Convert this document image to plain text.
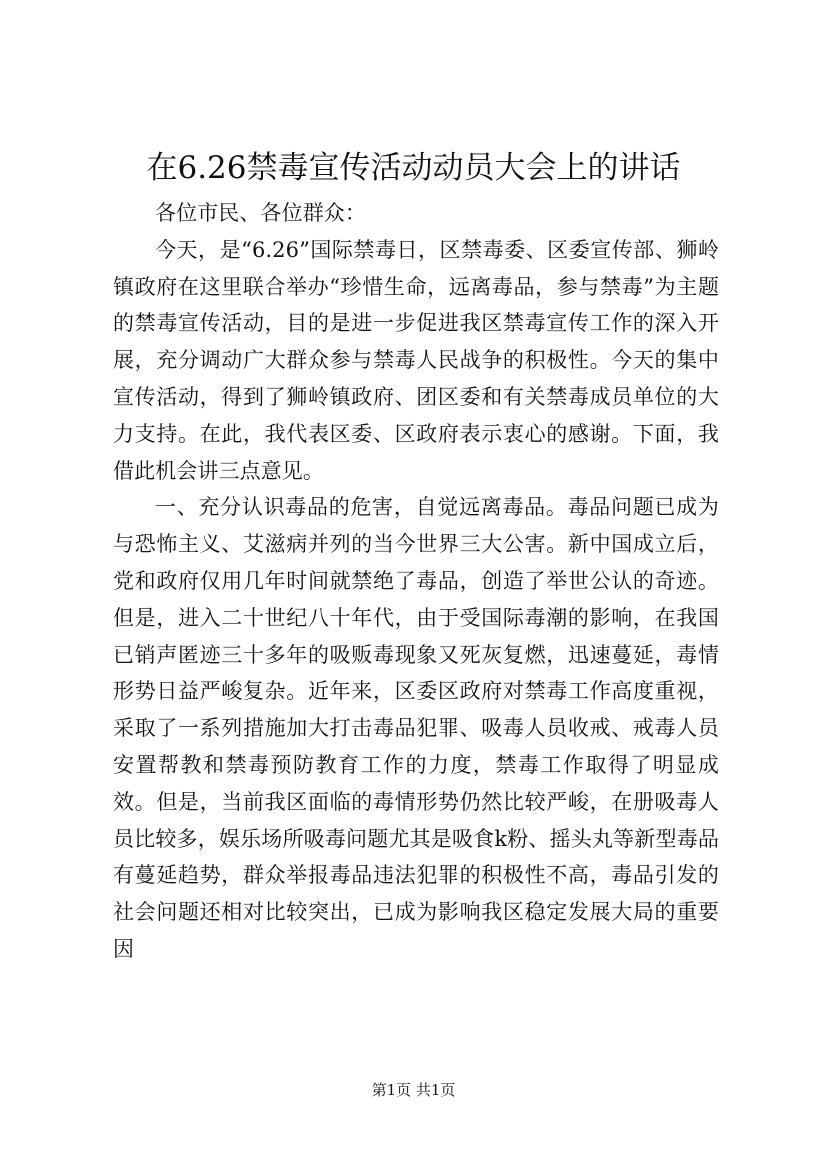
在6.26禁毒宣传活动动员大会上的讲话

各位市民、各位群众：

今天，是“6.26”国际禁毒日，区禁毒委、区委宣传部、狮岭镇政府在这里联合举办“珍惜生命，远离毒品，参与禁毒”为主题的禁毒宣传活动，目的是进一步促进我区禁毒宣传工作的深入开展，充分调动广大群众参与禁毒人民战争的积极性。今天的集中宣传活动，得到了狮岭镇政府、团区委和有关禁毒成员单位的大力支持。在此，我代表区委、区政府表示衷心的感谢。下面，我借此机会讲三点意见。

一、充分认识毒品的危害，自觉远离毒品。毒品问题已成为与恐怖主义、艾滋病并列的当今世界三大公害。新中国成立后，党和政府仅用几年时间就禁绝了毒品，创造了举世公认的奇迹。但是，进入二十世纪八十年代，由于受国际毒潮的影响，在我国已销声匿迹三十多年的吸贩毒现象又死灰复燃，迅速蔓延，毒情形势日益严峻复杂。近年来，区委区政府对禁毒工作高度重视，采取了一系列措施加大打击毒品犯罪、吸毒人员收戒、戒毒人员安置帮教和禁毒预防教育工作的力度，禁毒工作取得了明显成效。但是，当前我区面临的毒情形势仍然比较严峻，在册吸毒人员比较多，娱乐场所吸毒问题尤其是吸食k粉、摇头丸等新型毒品有蔓延趋势，群众举报毒品违法犯罪的积极性不高，毒品引发的社会问题还相对比较突出，已成为影响我区稳定发展大局的重要因

第1页 共1页
